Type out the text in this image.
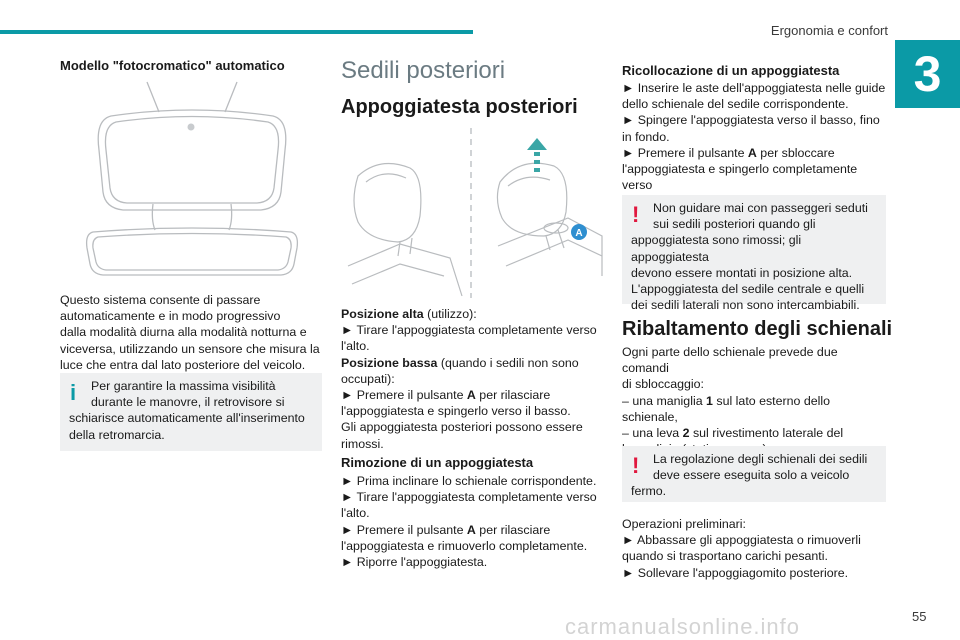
Ergonomia e confort
3
Modello "fotocromatico" automatico

Questo sistema consente di passare
automaticamente e in modo progressivo
dalla modalità diurna alla modalità notturna e
viceversa, utilizzando un sensore che misura la
luce che entra dal lato posteriore del veicolo.

i	Per garantire la massima visibilità
durante le manovre, il retrovisore si
schiarisce automaticamente all'inserimento
della retromarcia.

Sedili posteriori
Appoggiatesta posteriori
A

Posizione alta (utilizzo):
► Tirare l'appoggiatesta completamente verso
l'alto.
Posizione bassa (quando i sedili non sono
occupati):
► Premere il pulsante A per rilasciare
l'appoggiatesta e spingerlo verso il basso.
Gli appoggiatesta posteriori possono essere
rimossi.

Rimozione di un appoggiatesta

► Prima inclinare lo schienale corrispondente.
► Tirare l'appoggiatesta completamente verso
l'alto.
► Premere il pulsante A per rilasciare
l'appoggiatesta e rimuoverlo completamente.
► Riporre l'appoggiatesta.

Ricollocazione di un appoggiatesta

► Inserire le aste dell'appoggiatesta nelle guide
dello schienale del sedile corrispondente.
► Spingere l'appoggiatesta verso il basso, fino
in fondo.
► Premere il pulsante A per sbloccare
l'appoggiatesta e spingerlo completamente verso

!	Non guidare mai con passeggeri seduti
sui sedili posteriori quando gli
appoggiatesta sono rimossi; gli appoggiatesta
devono essere montati in posizione alta.
L'appoggiatesta del sedile centrale e quelli
dei sedili laterali non sono intercambiabili.

Ribaltamento degli schienali

Ogni parte dello schienale prevede due comandi
di sbloccaggio:
– una maniglia 1 sul lato esterno dello
schienale,
– una leva 2 sul rivestimento laterale del

!	La regolazione degli schienali dei sedili
deve essere eseguita solo a veicolo
fermo.

Operazioni preliminari:
► Abbassare gli appoggiatesta o rimuoverli
quando si trasportano carichi pesanti.
► Sollevare l'appoggiagomito posteriore.

55
carmanualsonline.info
